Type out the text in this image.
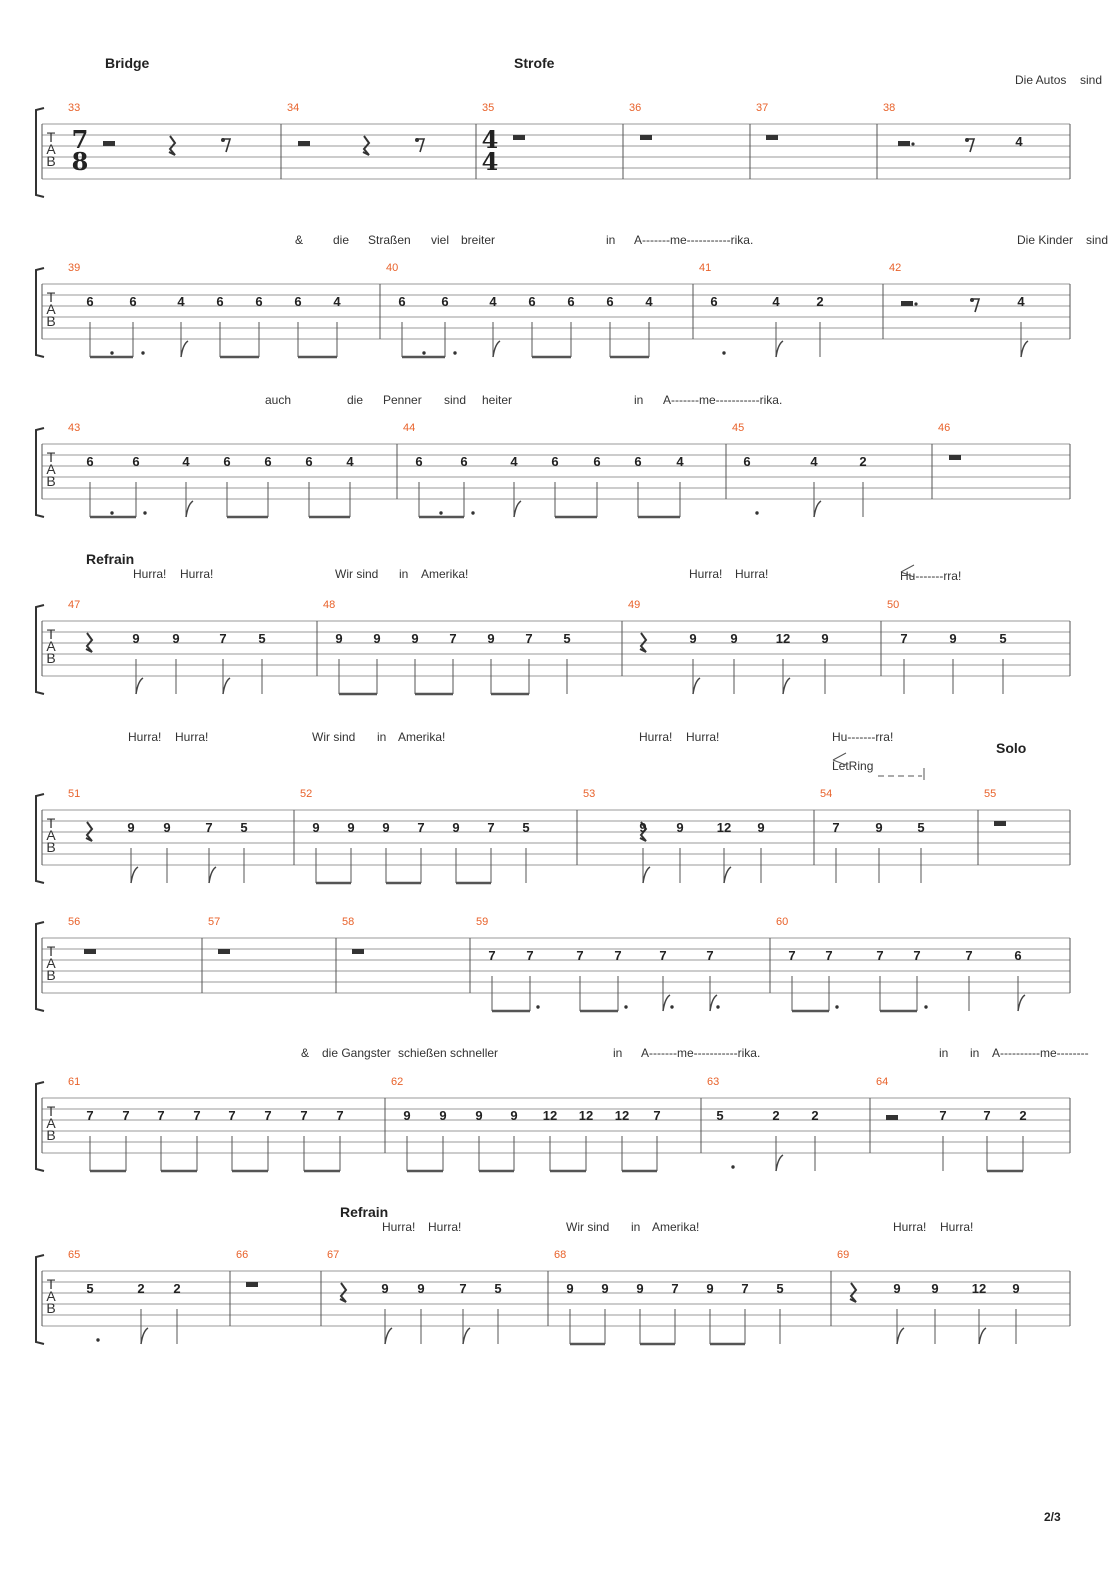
T
A
B
T
A
B
T
A
B
T
A
B
T
A
B
T
A
B
T
A
B
T
A
B
7
8
4
4
33	34	35	36	37	38
39	40	41	42
43	44	45	46
47	48	49	50
51	52	53	54	55
56	57	58	59	60
61	62	63	64
65	66	67	68	69
4
6	6	4 6 6 6 4	6	6	4 6 6 6 4	6	4	2	4
6	6	4	6	6	6	4	6	6	4	6	6	6	4	6	4	2
9	9	7 5	9 9 9 7 9 7 5	9	9	12 9	7	9	5
9 9	7 5	9 9 9 7 9 7 5	9 9	12 9	7	9	5
7 7	7 7	7	7	7 7	7 7	7	6
7 7 7 7 7 7 7 7	9 9 9 9 12 12 12 7	5	2 2	7	7 2
5	2 2	9 9	7 5	9 9 9 7 9 7 5	9 9	12 9
LetRing
Bridge	Strofe
Refrain
Solo
Refrain
Die Autos sind
& die Straßen viel breiter	in A-------me-----------rika.	Die Kinder sind
auch	die Penner sind heiter	in A-------me-----------rika.
Hurra! Hurra!	Wir sind in Amerika!	Hurra! Hurra!	Hu-------rra!
Hurra! Hurra!	Wir sind in Amerika!	Hurra! Hurra!	Hu-------rra!
& die Gangster schießen schneller	in A-------me-----------rika.	in in A----------me--------
Hurra! Hurra!	Wir sind in Amerika!	Hurra! Hurra!
2/3
